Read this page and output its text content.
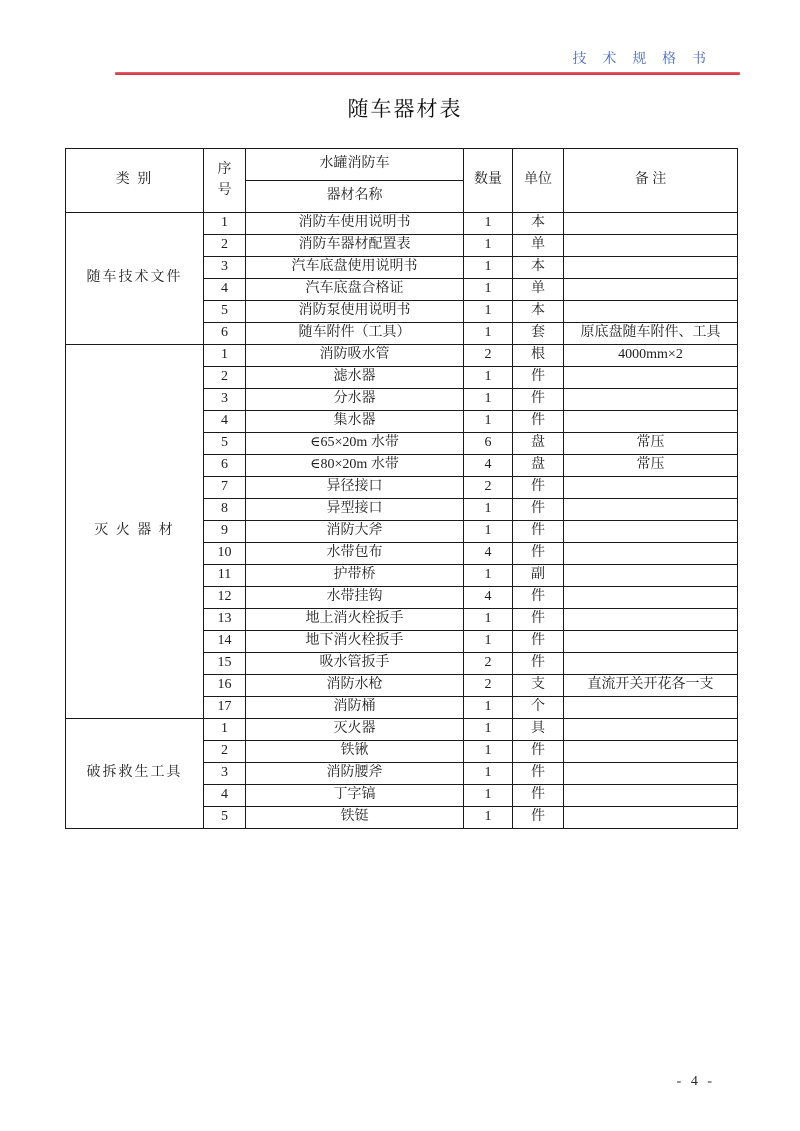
技 术 规 格 书
随车器材表
类 别	序号	水罐消防车	数量	单位	备 注
		器材名称			
随车技术文件	1	消防车使用说明书	1	本	
	2	消防车器材配置表	1	单	
	3	汽车底盘使用说明书	1	本	
	4	汽车底盘合格证	1	单	
	5	消防泵使用说明书	1	本	
	6	随车附件（工具）	1	套	原底盘随车附件、工具
灭 火 器 材	1	消防吸水管	2	根	4000mm×2
	2	滤水器	1	件	
	3	分水器	1	件	
	4	集水器	1	件	
	5	∈65×20m 水带	6	盘	常压
	6	∈80×20m 水带	4	盘	常压
	7	异径接口	2	件	
	8	异型接口	1	件	
	9	消防大斧	1	件	
	10	水带包布	4	件	
	11	护带桥	1	副	
	12	水带挂钩	4	件	
	13	地上消火栓扳手	1	件	
	14	地下消火栓扳手	1	件	
	15	吸水管扳手	2	件	
	16	消防水枪	2	支	直流开关开花各一支
	17	消防桶	1	个	
破拆救生工具	1	灭火器	1	具	
	2	铁锹	1	件	
	3	消防腰斧	1	件	
	4	丁字镐	1	件	
	5	铁铤	1	件	
- 4 -
